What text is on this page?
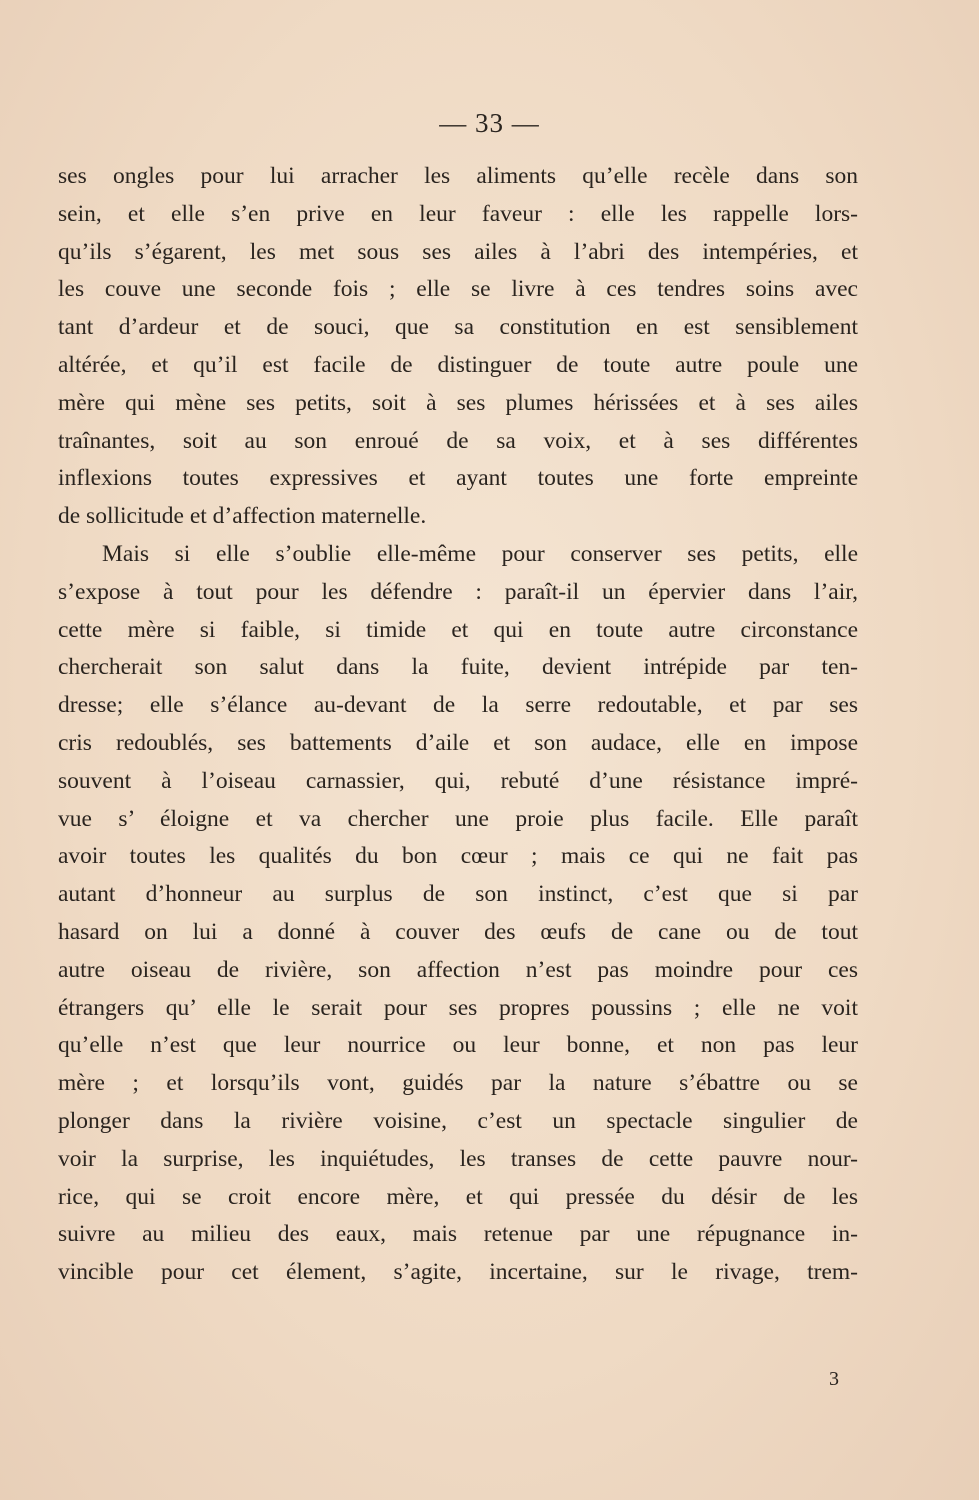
— 33 —
ses ongles pour lui arracher les aliments qu’elle recèle dans son
sein, et elle s’en prive en leur faveur : elle les rappelle lors-
qu’ils s’égarent, les met sous ses ailes à l’abri des intempéries, et
les couve une seconde fois ; elle se livre à ces tendres soins avec
tant d’ardeur et de souci, que sa constitution en est sensiblement
altérée, et qu’il est facile de distinguer de toute autre poule une
mère qui mène ses petits, soit à ses plumes hérissées et à ses ailes
traînantes, soit au son enroué de sa voix, et à ses différentes
inflexions toutes expressives et ayant toutes une forte empreinte
de sollicitude et d’affection maternelle.
Mais si elle s’oublie elle-même pour conserver ses petits, elle
s’expose à tout pour les défendre : paraît-il un épervier dans l’air,
cette mère si faible, si timide et qui en toute autre circonstance
chercherait son salut dans la fuite, devient intrépide par ten-
dresse; elle s’élance au-devant de la serre redoutable, et par ses
cris redoublés, ses battements d’aile et son audace, elle en impose
souvent à l’oiseau carnassier, qui, rebuté d’une résistance impré-
vue s’ éloigne et va chercher une proie plus facile. Elle paraît
avoir toutes les qualités du bon cœur ; mais ce qui ne fait pas
autant d’honneur au surplus de son instinct, c’est que si par
hasard on lui a donné à couver des œufs de cane ou de tout
autre oiseau de rivière, son affection n’est pas moindre pour ces
étrangers qu’ elle le serait pour ses propres poussins ; elle ne voit
qu’elle n’est que leur nourrice ou leur bonne, et non pas leur
mère ; et lorsqu’ils vont, guidés par la nature s’ébattre ou se
plonger dans la rivière voisine, c’est un spectacle singulier de
voir la surprise, les inquiétudes, les transes de cette pauvre nour-
rice, qui se croit encore mère, et qui pressée du désir de les
suivre au milieu des eaux, mais retenue par une répugnance in-
vincible pour cet élement, s’agite, incertaine, sur le rivage, trem-
3
